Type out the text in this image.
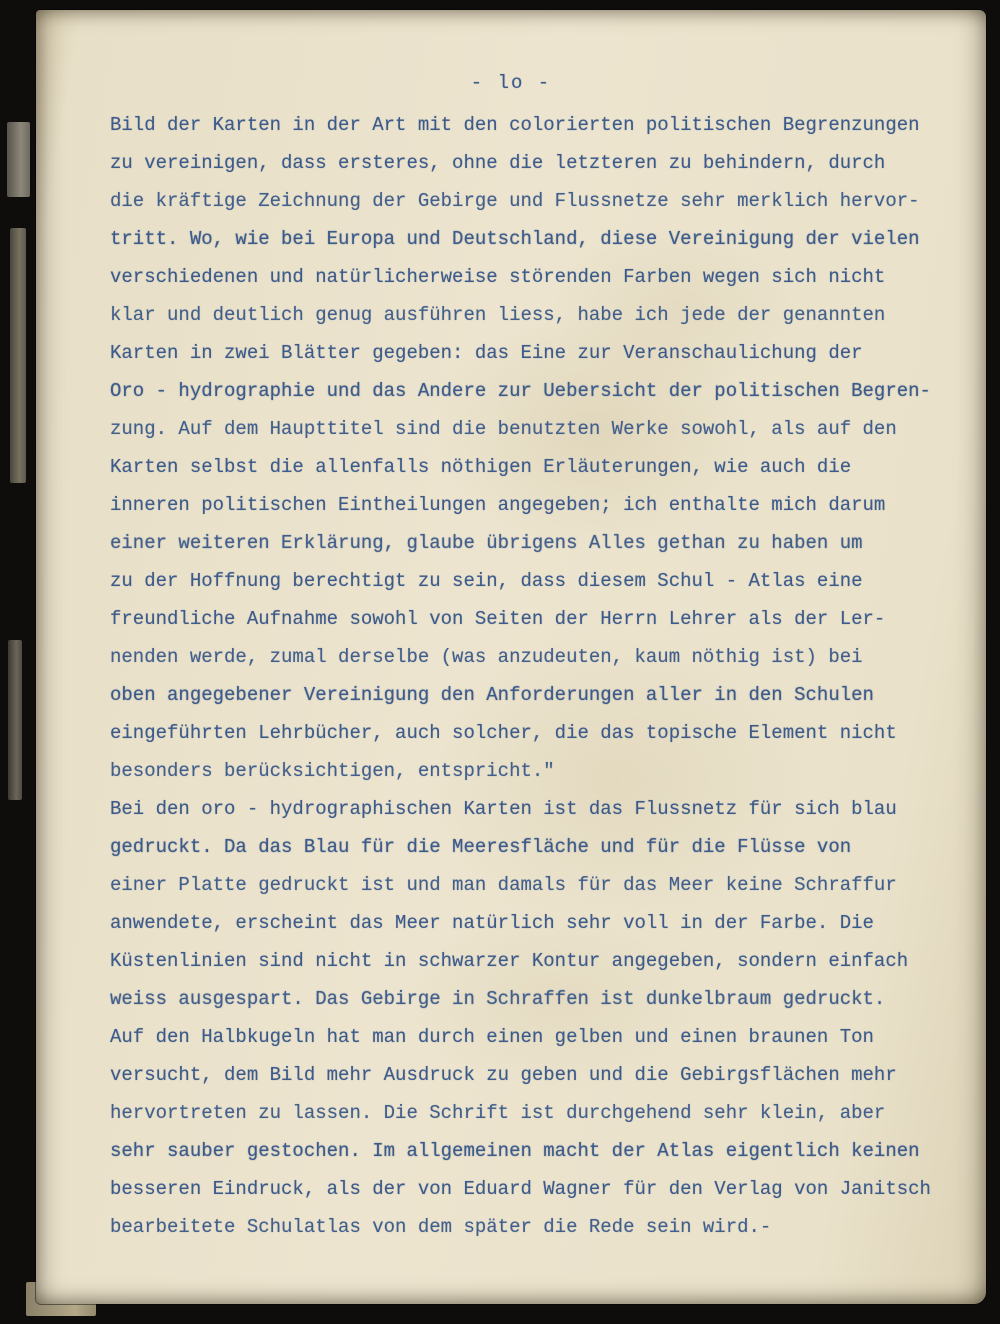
- lo -
Bild der Karten in der Art mit den colorierten politischen Begrenzungen
zu vereinigen, dass ersteres, ohne die letzteren zu behindern, durch
die kräftige Zeichnung der Gebirge und Flussnetze sehr merklich hervor-
tritt. Wo, wie bei Europa und Deutschland, diese Vereinigung der vielen
verschiedenen und natürlicherweise störenden Farben wegen sich nicht
klar und deutlich genug ausführen liess, habe ich jede der genannten
Karten in zwei Blätter gegeben: das Eine zur Veranschaulichung der
Oro - hydrographie und das Andere zur Uebersicht der politischen Begren-
zung. Auf dem Haupttitel sind die benutzten Werke sowohl, als auf den
Karten selbst die allenfalls nöthigen Erläuterungen, wie auch die
inneren politischen Eintheilungen angegeben; ich enthalte mich darum
einer weiteren Erklärung, glaube übrigens Alles gethan zu haben um
zu der Hoffnung berechtigt zu sein, dass diesem Schul - Atlas eine
freundliche Aufnahme sowohl von Seiten der Herrn Lehrer als der Ler-
nenden werde, zumal derselbe (was anzudeuten, kaum nöthig ist) bei
oben angegebener Vereinigung den Anforderungen aller in den Schulen
eingeführten Lehrbücher, auch solcher, die das topische Element nicht
besonders berücksichtigen, entspricht."
Bei den oro - hydrographischen Karten ist das Flussnetz für sich blau
gedruckt. Da das Blau für die Meeresfläche und für die Flüsse von
einer Platte gedruckt ist und man damals für das Meer keine Schraffur
anwendete, erscheint das Meer natürlich sehr voll in der Farbe. Die
Küstenlinien sind nicht in schwarzer Kontur angegeben, sondern einfach
weiss ausgespart. Das Gebirge in Schraffen ist dunkelbraum gedruckt.
Auf den Halbkugeln hat man durch einen gelben und einen braunen Ton
versucht, dem Bild mehr Ausdruck zu geben und die Gebirgsflächen mehr
hervortreten zu lassen. Die Schrift ist durchgehend sehr klein, aber
sehr sauber gestochen. Im allgemeinen macht der Atlas eigentlich keinen
besseren Eindruck, als der von Eduard Wagner für den Verlag von Janitsch
bearbeitete Schulatlas von dem später die Rede sein wird.-
